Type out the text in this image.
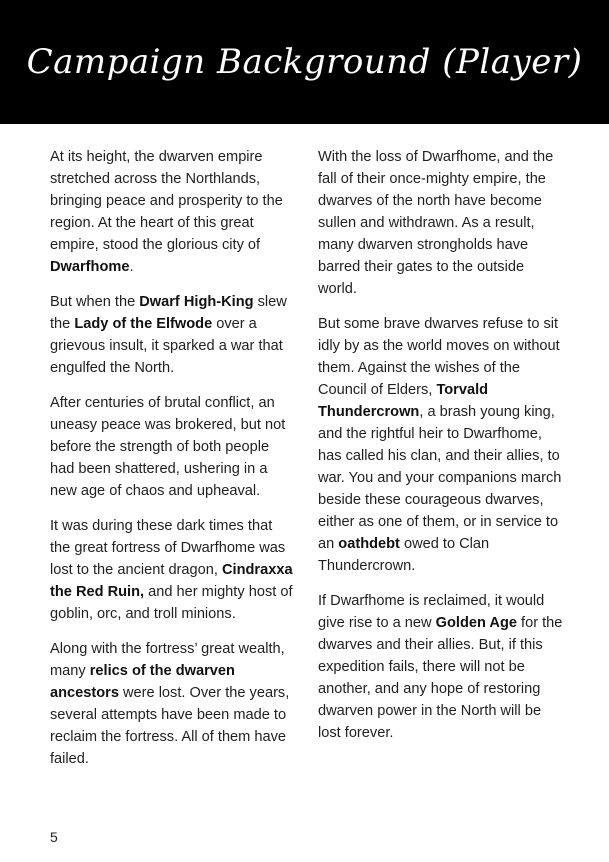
Campaign Background (Player)

At its height, the dwarven empire stretched across the Northlands, bringing peace and prosperity to the region. At the heart of this great empire, stood the glorious city of Dwarfhome.

But when the Dwarf High-King slew the Lady of the Elfwode over a grievous insult, it sparked a war that engulfed the North.

After centuries of brutal conflict, an uneasy peace was brokered, but not before the strength of both people had been shattered, ushering in a new age of chaos and upheaval.

It was during these dark times that the great fortress of Dwarfhome was lost to the ancient dragon, Cindraxxa the Red Ruin, and her mighty host of goblin, orc, and troll minions.

Along with the fortress’ great wealth, many relics of the dwarven ancestors were lost. Over the years, several attempts have been made to reclaim the fortress. All of them have failed.

With the loss of Dwarfhome, and the fall of their once-mighty empire, the dwarves of the north have become sullen and withdrawn. As a result, many dwarven strongholds have barred their gates to the outside world.

But some brave dwarves refuse to sit idly by as the world moves on without them. Against the wishes of the Council of Elders, Torvald Thundercrown, a brash young king, and the rightful heir to Dwarfhome, has called his clan, and their allies, to war. You and your companions march beside these courageous dwarves, either as one of them, or in service to an oathdebt owed to Clan Thundercrown.

If Dwarfhome is reclaimed, it would give rise to a new Golden Age for the dwarves and their allies. But, if this expedition fails, there will not be another, and any hope of restoring dwarven power in the North will be lost forever.

5
